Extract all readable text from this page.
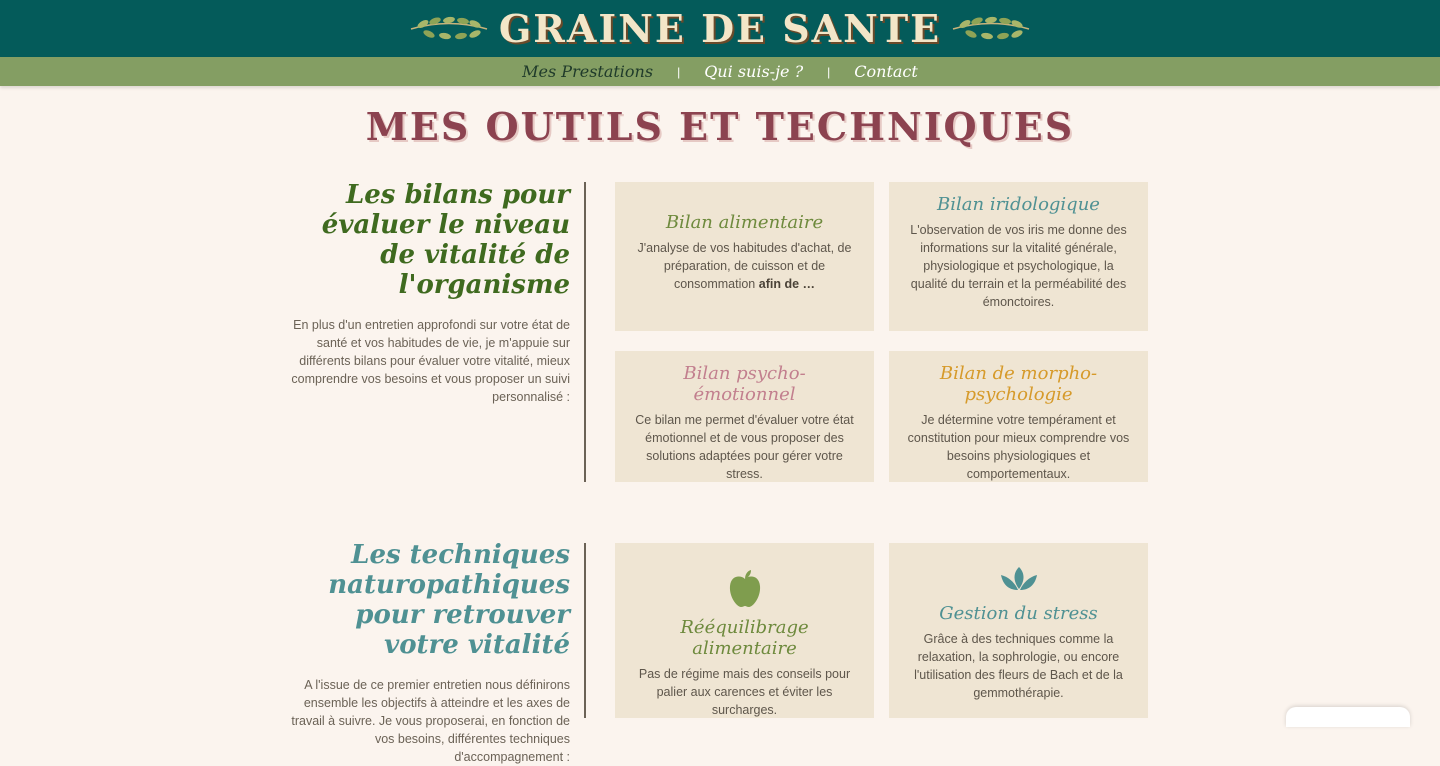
GRAINE DE SANTE
Mes Prestations	|	Qui suis-je ?	|	Contact
MES OUTILS ET TECHNIQUES
Les bilans pour évaluer le niveau de vitalité de l'organisme

En plus d'un entretien approfondi sur votre état de santé et vos habitudes de vie, je m'appuie sur différents bilans pour évaluer votre vitalité, mieux comprendre vos besoins et vous proposer un suivi personnalisé :

Bilan alimentaire
J'analyse de vos habitudes d'achat, de préparation, de cuisson et de consommation afin de …
Bilan iridologique
L'observation de vos iris me donne des informations sur la vitalité générale, physiologique et psychologique, la qualité du terrain et la perméabilité des émonctoires.
Bilan psycho-émotionnel
Ce bilan me permet d'évaluer votre état émotionnel et de vous proposer des solutions adaptées pour gérer votre stress.
Bilan de morpho-psychologie
Je détermine votre tempérament et constitution pour mieux comprendre vos besoins physiologiques et comportementaux.
Les techniques naturopathiques pour retrouver votre vitalité

A l'issue de ce premier entretien nous définirons ensemble les objectifs à atteindre et les axes de travail à suivre. Je vous proposerai, en fonction de vos besoins, différentes techniques d'accompagnement :

Rééquilibrage alimentaire
Pas de régime mais des conseils pour palier aux carences et éviter les surcharges.
Gestion du stress
Grâce à des techniques comme la relaxation, la sophrologie, ou encore l'utilisation des fleurs de Bach et de la gemmothérapie.
